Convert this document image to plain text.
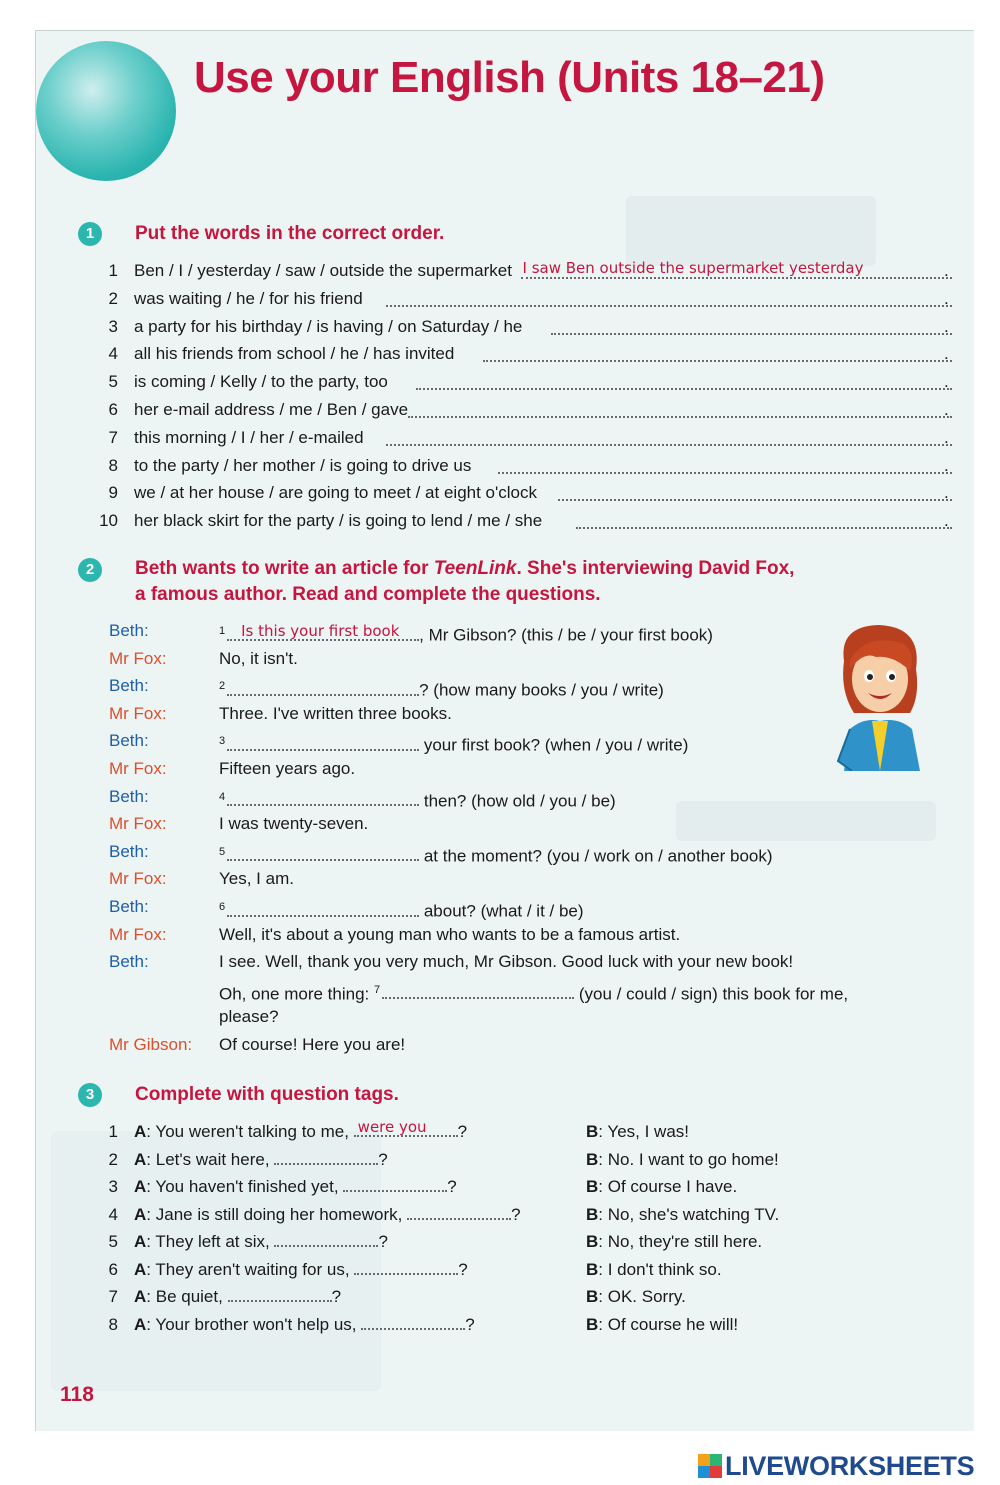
Use your English (Units 18–21)
1	Put the words in the correct order.
1 Ben / I / yesterday / saw / outside the supermarket I saw Ben outside the supermarket yesterday	.
2 was waiting / he / for his friend	.
3 a party for his birthday / is having / on Saturday / he	.
4 all his friends from school / he / has invited	.
5 is coming / Kelly / to the party, too	.
6 her e-mail address / me / Ben / gave	.
7 this morning / I / her / e-mailed	.
8 to the party / her mother / is going to drive us	.
9 we / at her house / are going to meet / at eight o'clock	.
10 her black skirt for the party / is going to lend / me / she	.
2	Beth wants to write an article for TeenLink. She's interviewing David Fox,
a famous author. Read and complete the questions.
Beth:	$^1$ Is this your first book , Mr Gibson? (this / be / your first book)
Mr Fox:	No, it isn't.
Beth:	$^2$	? (how many books / you / write)
Mr Fox:	Three. I've written three books.
Beth:	$^3$	your first book? (when / you / write)
Mr Fox:	Fifteen years ago.
Beth:	$^4$	then? (how old / you / be)
Mr Fox:	I was twenty-seven.
Beth:	$^5$	at the moment? (you / work on / another book)
Mr Fox:	Yes, I am.
Beth:	$^6$	about? (what / it / be)
Mr Fox:	Well, it's about a young man who wants to be a famous artist.
Beth:	I see. Well, thank you very much, Mr Gibson. Good luck with your new book!
Oh, one more thing: $^7$	(you / could / sign) this book for me,
please?
Mr Gibson:	Of course! Here you are!
3	Complete with question tags.
1 A: You weren't talking to me, were you ?	B: Yes, I was!
2 A: Let's wait here,	?	B: No. I want to go home!
3 A: You haven't finished yet,	?	B: Of course I have.
4 A: Jane is still doing her homework,	?	B: No, she's watching TV.
5 A: They left at six,	?	B: No, they're still here.
6 A: They aren't waiting for us,	?	B: I don't think so.
7 A: Be quiet,	?	B: OK. Sorry.
8 A: Your brother won't help us,	?	B: Of course he will!
118
LIVEWORKSHEETS
